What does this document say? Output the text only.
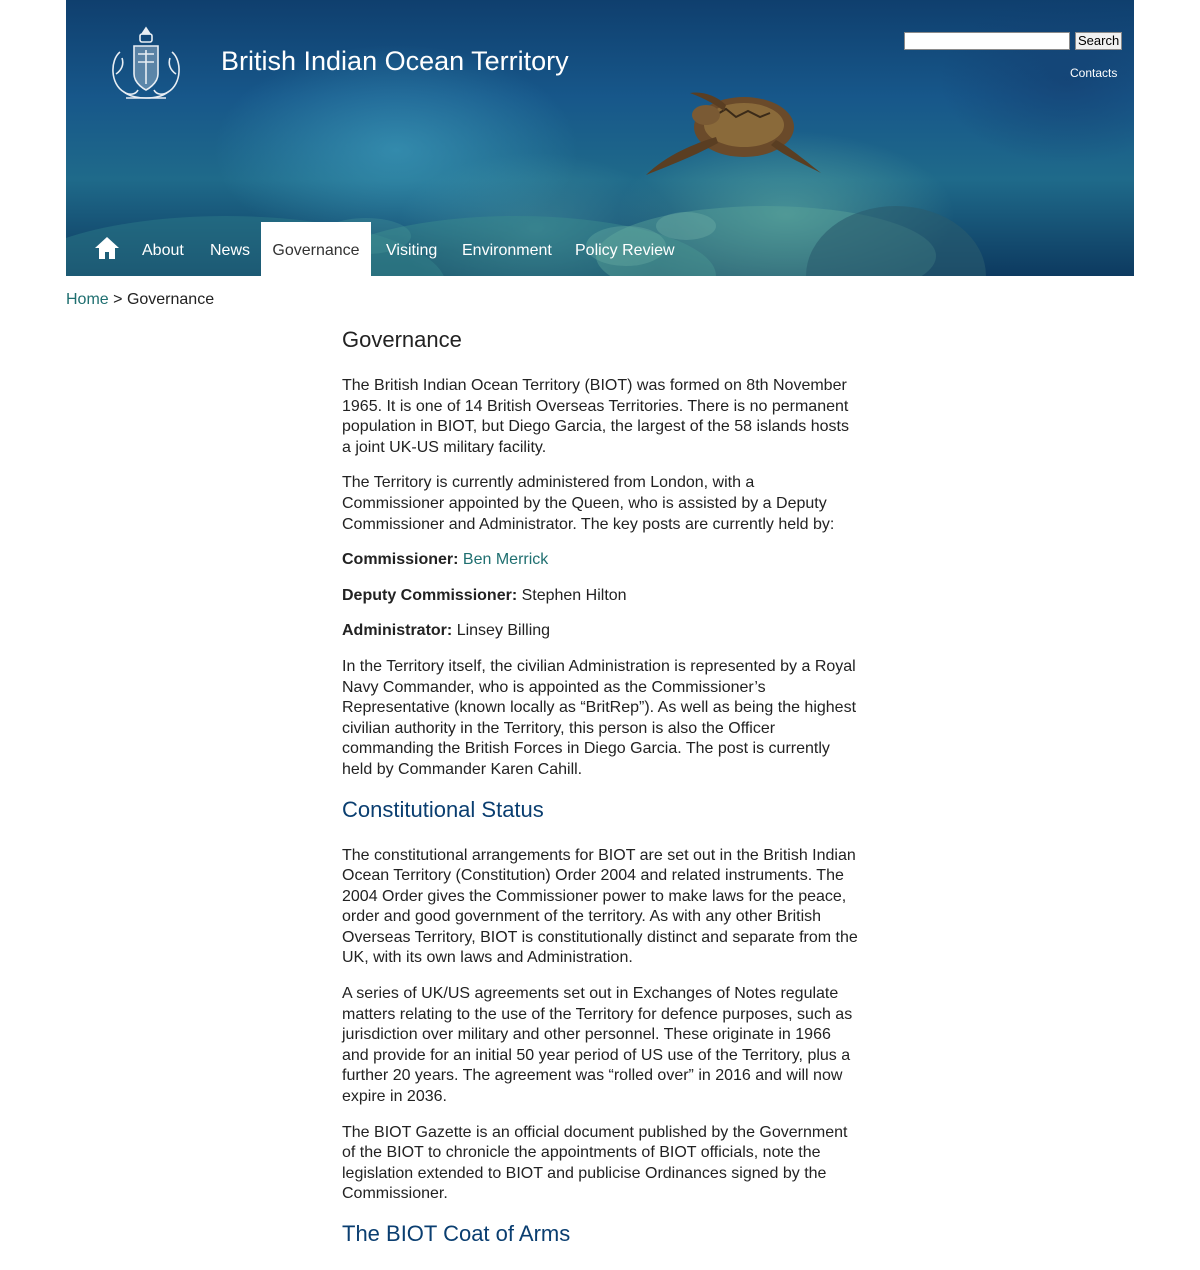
British Indian Ocean Territory
Search
Contacts
About	News	Governance	Visiting	Environment	Policy Review
Home > Governance
Governance

The British Indian Ocean Territory (BIOT) was formed on 8th November 1965. It is one of 14 British Overseas Territories. There is no permanent population in BIOT, but Diego Garcia, the largest of the 58 islands hosts a joint UK-US military facility.

The Territory is currently administered from London, with a Commissioner appointed by the Queen, who is assisted by a Deputy Commissioner and Administrator. The key posts are currently held by:

Commissioner: Ben Merrick

Deputy Commissioner: Stephen Hilton

Administrator: Linsey Billing

In the Territory itself, the civilian Administration is represented by a Royal Navy Commander, who is appointed as the Commissioner’s Representative (known locally as “BritRep”). As well as being the highest civilian authority in the Territory, this person is also the Officer commanding the British Forces in Diego Garcia. The post is currently held by Commander Karen Cahill.

Constitutional Status

The constitutional arrangements for BIOT are set out in the British Indian Ocean Territory (Constitution) Order 2004 and related instruments. The 2004 Order gives the Commissioner power to make laws for the peace, order and good government of the territory. As with any other British Overseas Territory, BIOT is constitutionally distinct and separate from the UK, with its own laws and Administration.

A series of UK/US agreements set out in Exchanges of Notes regulate matters relating to the use of the Territory for defence purposes, such as jurisdiction over military and other personnel. These originate in 1966 and provide for an initial 50 year period of US use of the Territory, plus a further 20 years. The agreement was “rolled over” in 2016 and will now expire in 2036.

The BIOT Gazette is an official document published by the Government of the BIOT to chronicle the appointments of BIOT officials, note the legislation extended to BIOT and publicise Ordinances signed by the Commissioner.

The BIOT Coat of Arms
